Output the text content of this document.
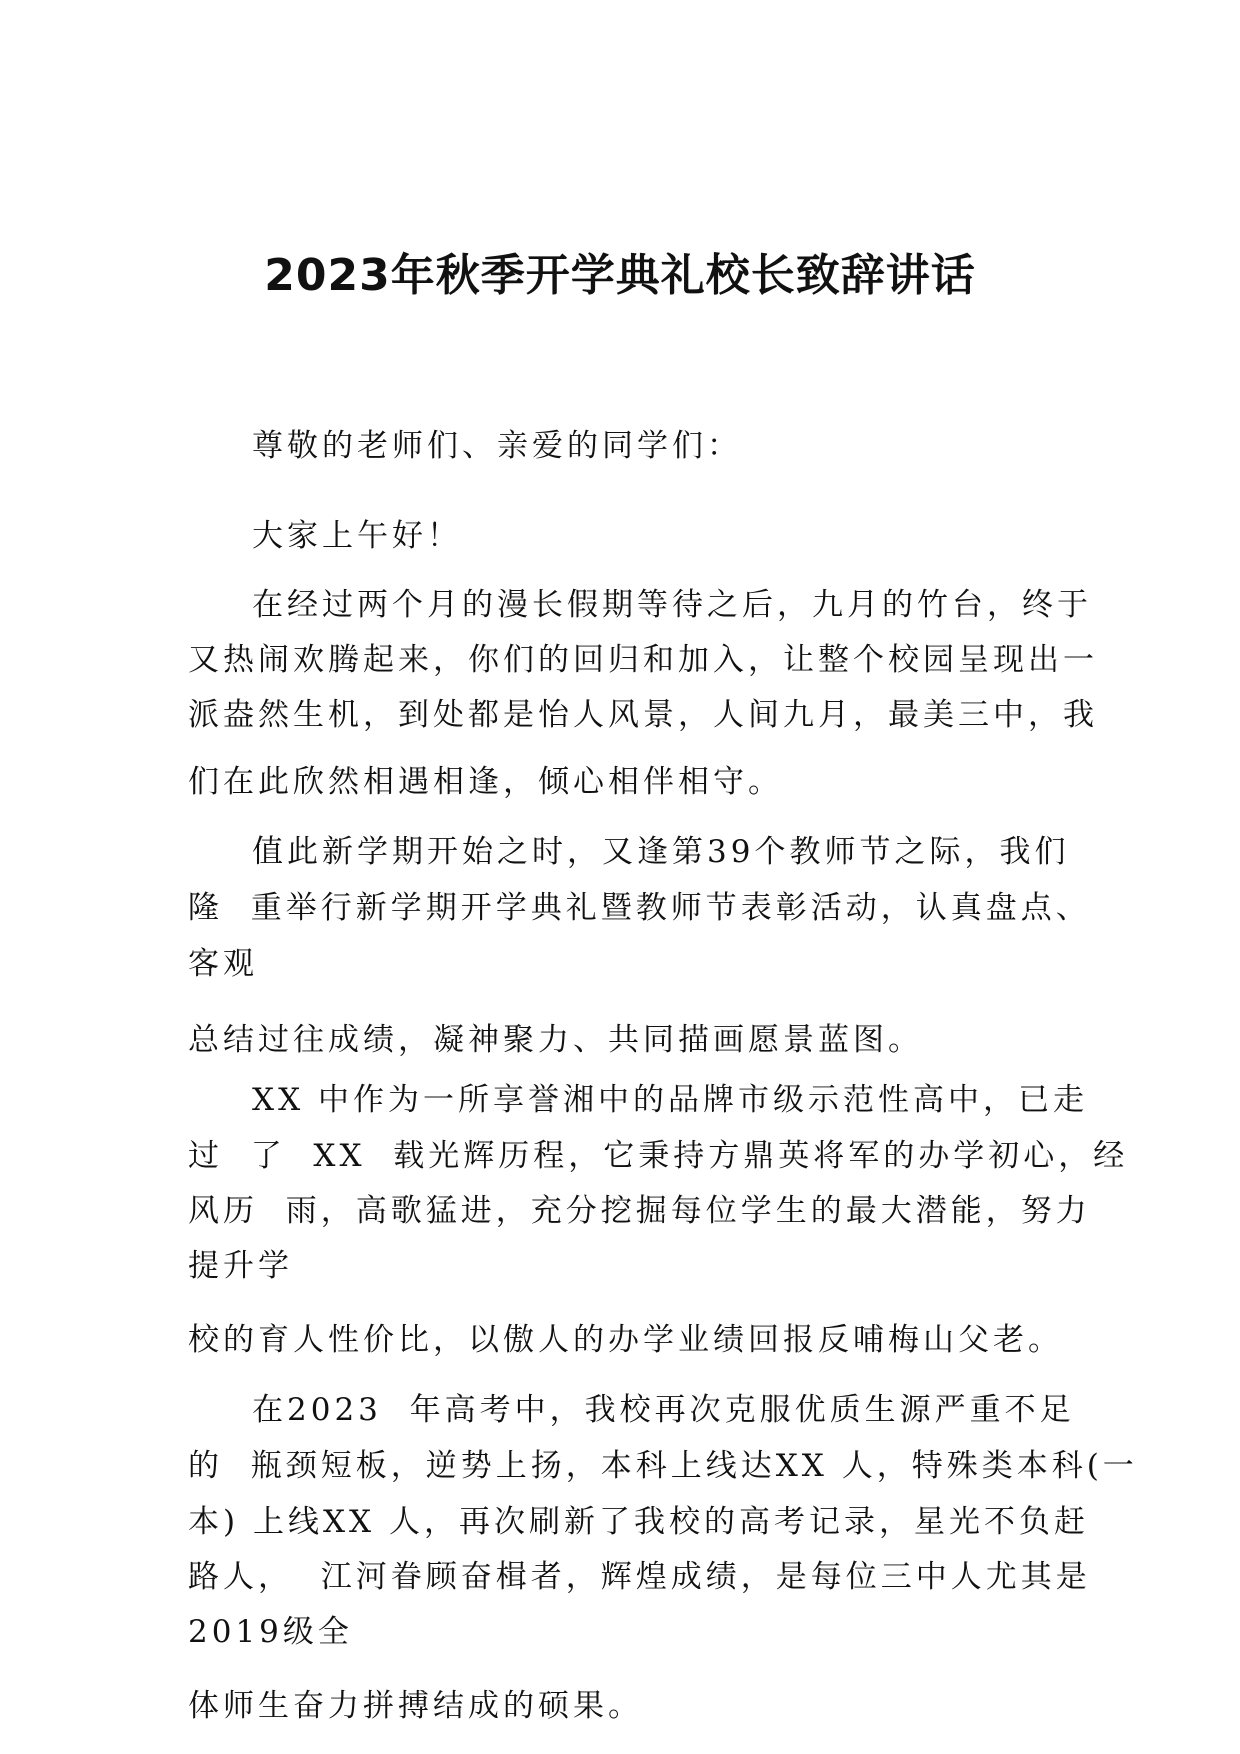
2023年秋季开学典礼校长致辞讲话
尊敬的老师们、亲爱的同学们：
大家上午好！
在经过两个月的漫长假期等待之后，九月的竹台，终于
又热闹欢腾起来，你们的回归和加入，让整个校园呈现出一
派盎然生机，到处都是怡人风景，人间九月，最美三中，我
们在此欣然相遇相逢，倾心相伴相守。
值此新学期开始之时，又逢第39个教师节之际，我们
隆  重举行新学期开学典礼暨教师节表彰活动，认真盘点、
客观
总结过往成绩，凝神聚力、共同描画愿景蓝图。
XX 中作为一所享誉湘中的品牌市级示范性高中，已走
过  了  XX  载光辉历程，它秉持方鼎英将军的办学初心，经
风历  雨，高歌猛进，充分挖掘每位学生的最大潜能，努力
提升学
校的育人性价比，以傲人的办学业绩回报反哺梅山父老。
在2023  年高考中，我校再次克服优质生源严重不足
的  瓶颈短板，逆势上扬，本科上线达XX 人，特殊类本科(一
本) 上线XX 人，再次刷新了我校的高考记录，星光不负赶
路人，  江河眷顾奋楫者，辉煌成绩，是每位三中人尤其是
2019级全
体师生奋力拼搏结成的硕果。
